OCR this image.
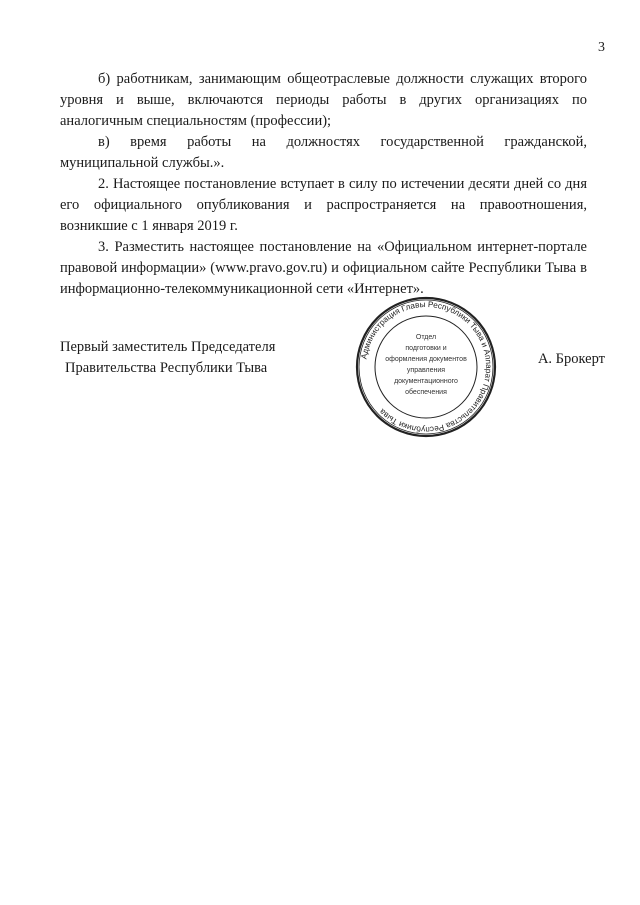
3

б) работникам, занимающим общеотраслевые должности служащих второго уровня и выше, включаются периоды работы в других организациях по аналогичным специальностям (профессии);

в) время работы на должностях государственной гражданской, муниципальной службы.».

2. Настоящее постановление вступает в силу по истечении десяти дней со дня его официального опубликования и распространяется на правоотношения, возникшие с 1 января 2019 г.

3. Разместить настоящее постановление на «Официальном интернет-портале правовой информации» (www.pravo.gov.ru) и официальном сайте Республики Тыва в информационно-телекоммуникационной сети «Интернет».

Первый заместитель Председателя
Правительства Республики Тыва
Администрация Главы Республики Тыва и Аппарат Правительства Республики Тыва
Отдел
подготовки и
оформления документов
управления
документационного
обеспечения
А. Брокерт
